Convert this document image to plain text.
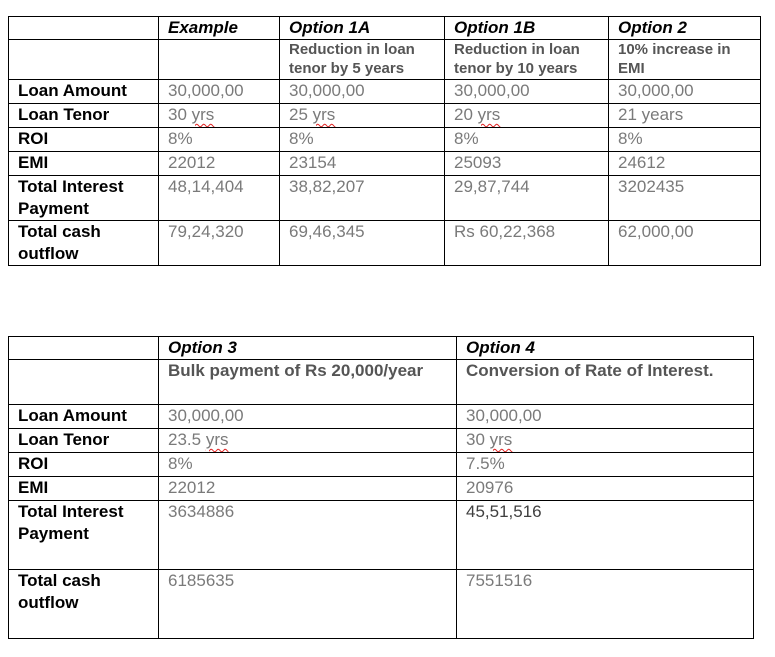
	Example	Option 1A	Option 1B	Option 2
		Reduction in loan tenor by 5 years	Reduction in loan tenor by 10 years	10% increase in EMI
Loan Amount	30,000,00	30,000,00	30,000,00	30,000,00
Loan Tenor	30 yrs	25 yrs	20 yrs	21 years
ROI	8%	8%	8%	8%
EMI	22012	23154	25093	24612
Total Interest Payment	48,14,404	38,82,207	29,87,744	3202435
Total cash outflow	79,24,320	69,46,345	Rs 60,22,368	62,000,00
	Option 3	Option 4
	Bulk payment of Rs 20,000/year	Conversion of Rate of Interest.
Loan Amount	30,000,00	30,000,00
Loan Tenor	23.5 yrs	30 yrs
ROI	8%	7.5%
EMI	22012	20976
Total Interest Payment	3634886	45,51,516
Total cash outflow	6185635	7551516
